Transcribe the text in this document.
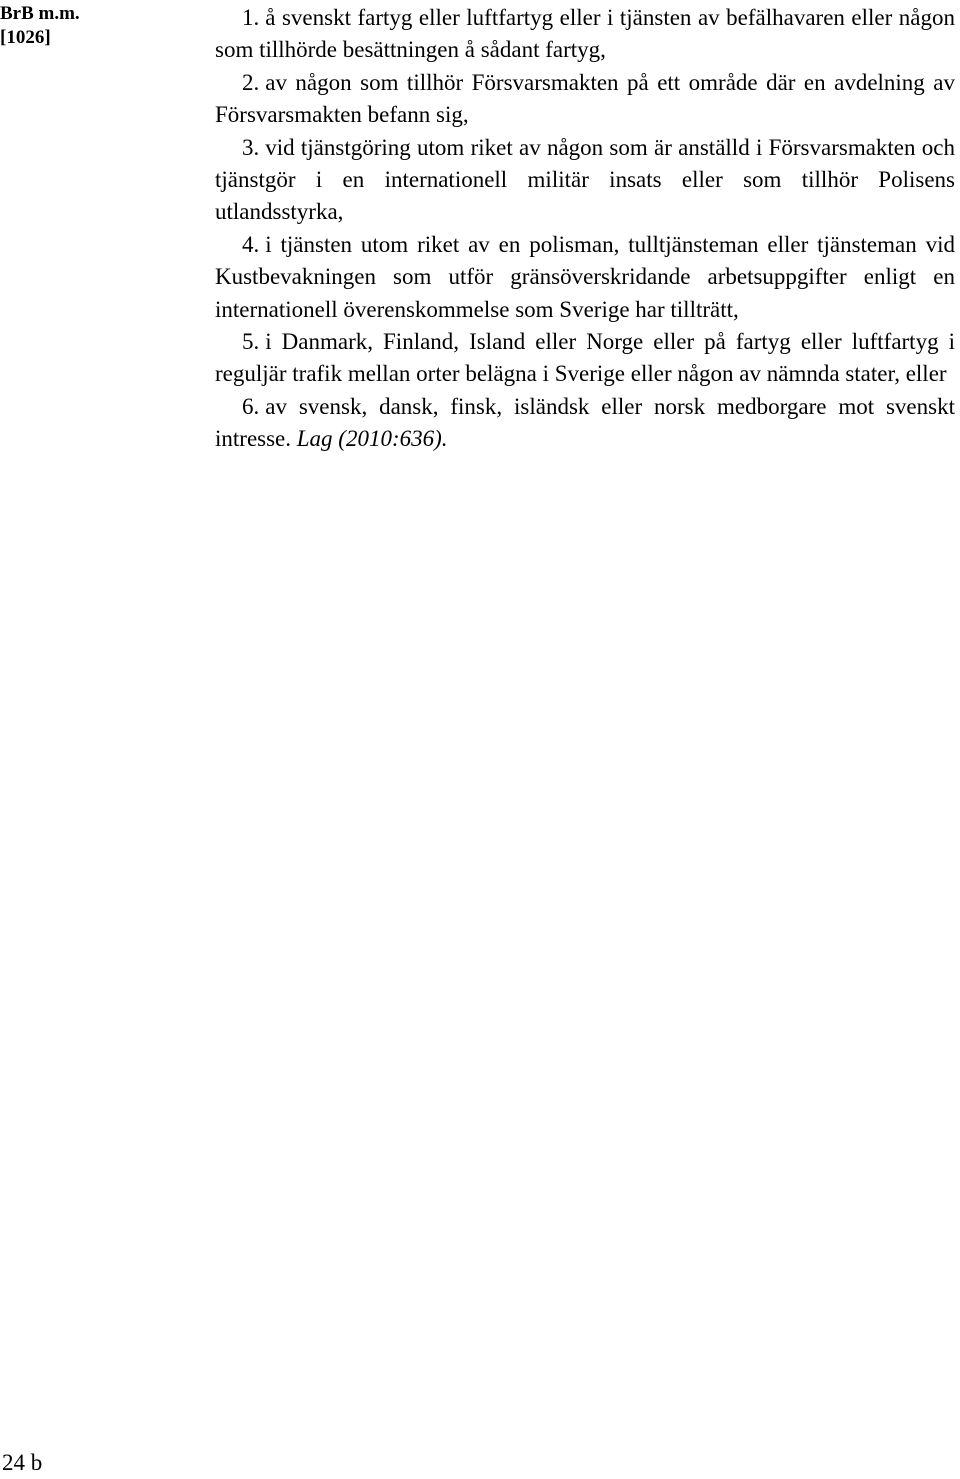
BrB m.m.
[1026]

1. å svenskt fartyg eller luftfartyg eller i tjänsten av befälhavaren eller någon som tillhörde besättningen å sådant fartyg,

2. av någon som tillhör Försvarsmakten på ett område där en avdelning av Försvarsmakten befann sig,

3. vid tjänstgöring utom riket av någon som är anställd i Försvarsmakten och tjänstgör i en internationell militär insats eller som tillhör Polisens utlandsstyrka,

4. i tjänsten utom riket av en polisman, tulltjänsteman eller tjänsteman vid Kustbevakningen som utför gränsöverskridande arbetsuppgifter enligt en internationell överenskommelse som Sverige har tillträtt,

5. i Danmark, Finland, Island eller Norge eller på fartyg eller luftfartyg i reguljär trafik mellan orter belägna i Sverige eller någon av nämnda stater, eller

6. av svensk, dansk, finsk, isländsk eller norsk medborgare mot svenskt intresse. Lag (2010:636).

24 b
